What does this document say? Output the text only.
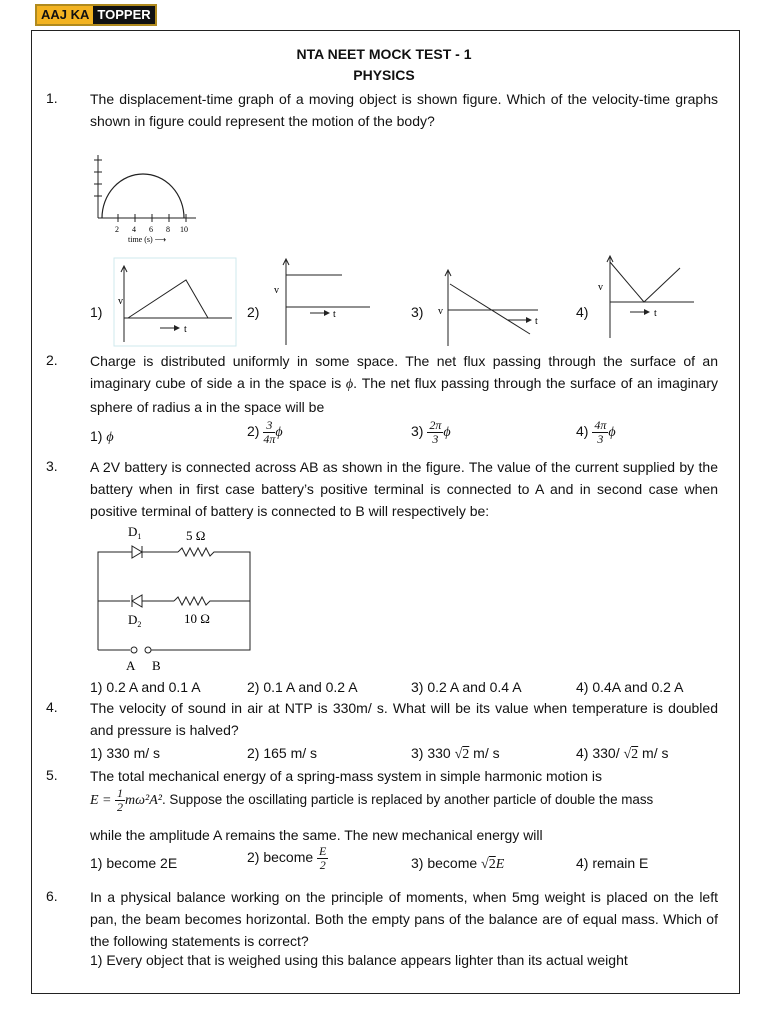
AAJ KA TOPPER
NTA NEET MOCK TEST - 1
PHYSICS
1. The displacement-time graph of a moving object is shown figure. Which of the velocity-time graphs shown in figure could represent the motion of the body?
2 4 6 8 10
time (s) ⟶
1)
v
t
2)
v
t	3) v
t
4)
v
t
2. Charge is distributed uniformly in some space. The net flux passing through the surface of an imaginary cube of side a in the space is ϕ. The net flux passing through the surface of an imaginary sphere of radius a in the space will be
1) ϕ	$2) \frac{3}{4\pi}$ ϕ	$3) \frac{2\pi}{3}$ ϕ	$4) \frac{4\pi}{3}$ ϕ
3. A 2V battery is connected across AB as shown in the figure. The value of the current supplied by the battery when in first case battery’s positive terminal is connected to A and in second case when positive terminal of battery is connected to B will respectively be:
$D_1$	5 Ω
$D_2$	10 Ω
A B
1) 0.2 A and 0.1 A	2) 0.1 A and 0.2 A	3) 0.2 A and 0.4 A	4) 0.4A and 0.2 A
4. The velocity of sound in air at NTP is 330m/ s. What will be its value when temperature is doubled and pressure is halved?
1) 330 m/ s	2) 165 m/ s	3) 330 √2 m/ s	4) 330/ √2 m/ s
5. The total mechanical energy of a spring-mass system in simple harmonic motion is
$E = \frac{1}{2} m\omega^2A^2$. Suppose the oscillating particle is replaced by another particle of double the mass
while the amplitude A remains the same. The new mechanical energy will
1) become 2E	2) become $\frac{E}{2}$	3) become √2E	4) remain E
6. In a physical balance working on the principle of moments, when 5mg weight is placed on the left pan, the beam becomes horizontal. Both the empty pans of the balance are of equal mass. Which of the following statements is correct?
1) Every object that is weighed using this balance appears lighter than its actual weight
